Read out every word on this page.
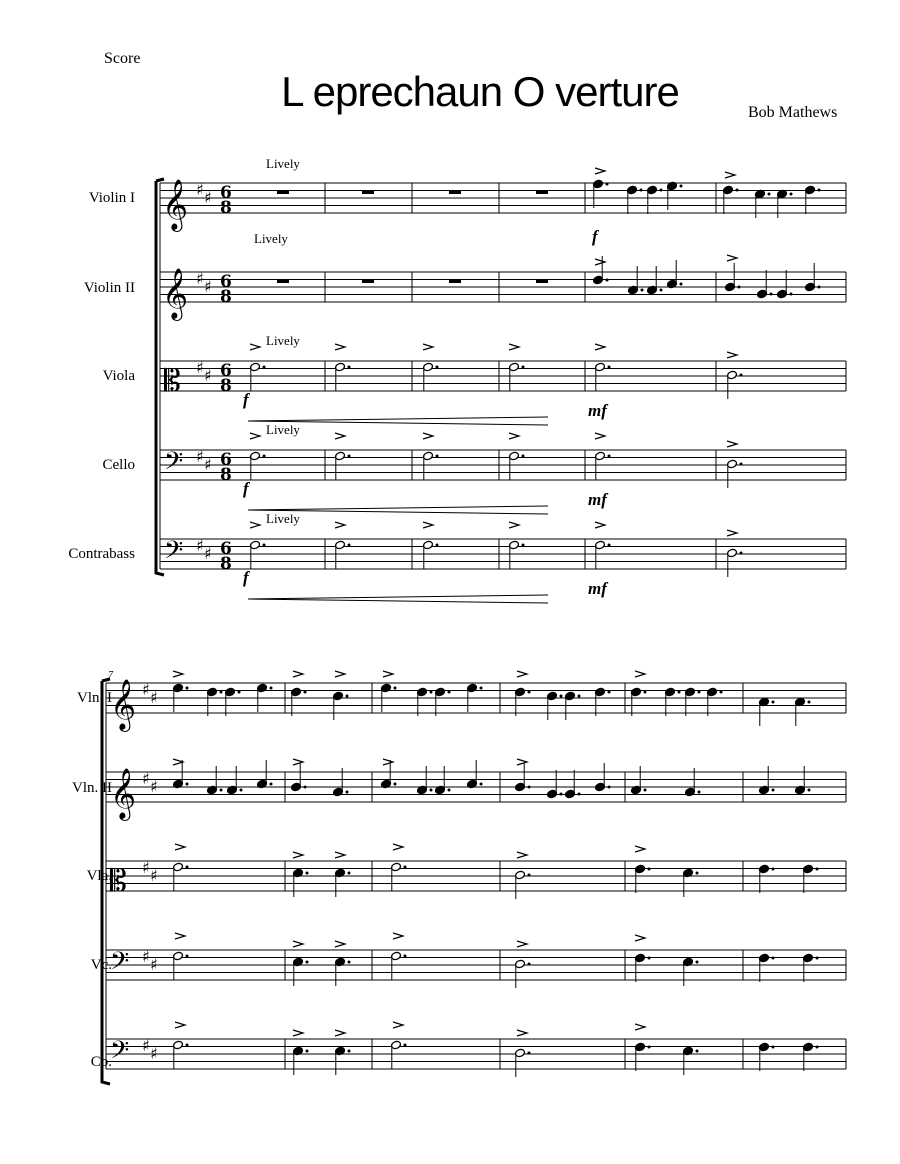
𝄞 ♯ ♯ 6
8
𝄞 ♯ ♯ 6
8
𝄡 ♯ ♯ 6
8
𝄢 ♯ ♯ 6
8
𝄢 ♯ ♯ 6
8
𝄞 ♯ ♯
𝄞 ♯ ♯
𝄡 ♯ ♯
𝄢 ♯ ♯
𝄢 ♯ ♯
Score
L eprechaun O verture	Bob Mathews
Violin I
Violin II
Viola
Cello
Contrabass
Lively
Lively
Lively
Lively
Lively
f
f
mf
f
mf
f
mf
Vln. I
Vln. II
Vla.
Vc.
Cb.
7
